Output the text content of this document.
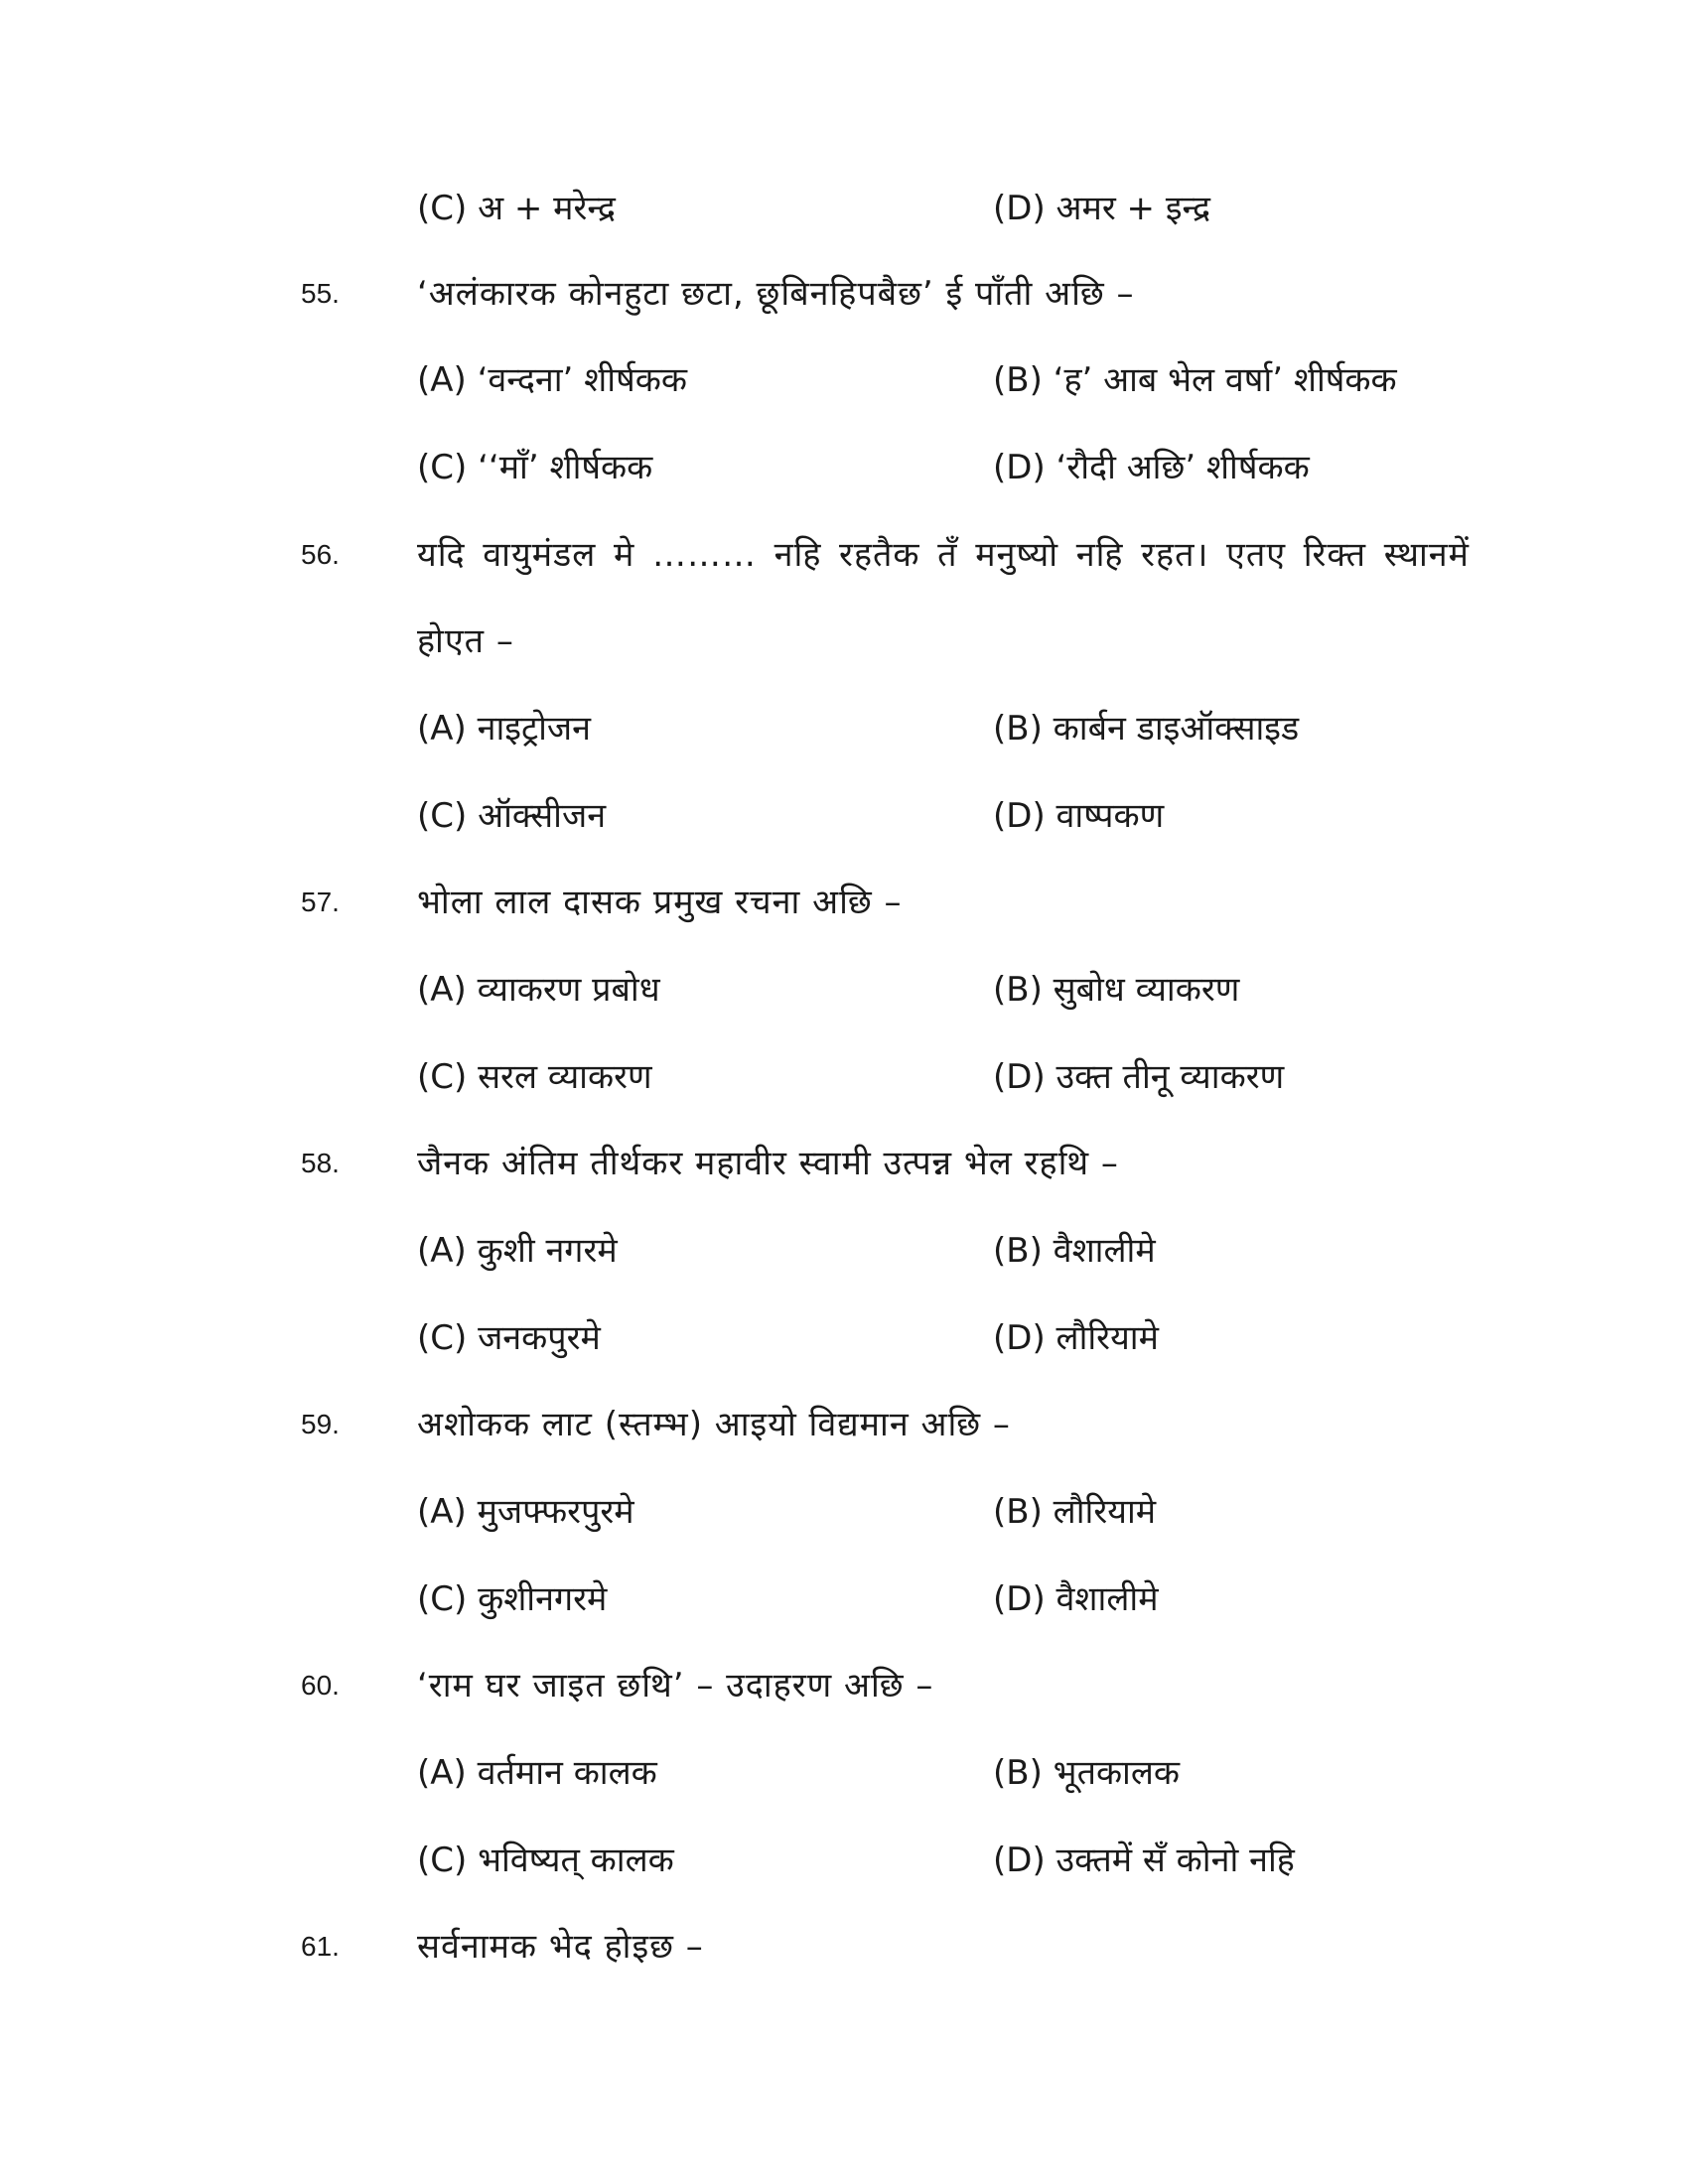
(C) अ + मरेन्द्र	(D) अमर + इन्द्र
55.	‘अलंकारक कोनहुटा छटा, छूबिनहिपबैछ’ ई पाँती अछि –
(A) ‘वन्दना’ शीर्षकक	(B) ‘ह’ आब भेल वर्षा’ शीर्षकक
(C) ‘‘माँ’ शीर्षकक	(D) ‘रौदी अछि’ शीर्षकक
56.	यदि वायुमंडल मे ……… नहि रहतैक तँ मनुष्यो नहि रहत। एतए रिक्त स्थानमें
होएत –
(A) नाइट्रोजन	(B) कार्बन डाइऑक्साइड
(C) ऑक्सीजन	(D) वाष्पकण
57.	भोला लाल दासक प्रमुख रचना अछि –
(A) व्याकरण प्रबोध	(B) सुबोध व्याकरण
(C) सरल व्याकरण	(D) उक्त तीनू व्याकरण
58.	जैनक अंतिम तीर्थकर महावीर स्वामी उत्पन्न भेल रहथि –
(A) कुशी नगरमे	(B) वैशालीमे
(C) जनकपुरमे	(D) लौरियामे
59.	अशोकक लाट (स्तम्भ) आइयो विद्यमान अछि –
(A) मुजफ्फरपुरमे	(B) लौरियामे
(C) कुशीनगरमे	(D) वैशालीमे
60.	‘राम घर जाइत छथि’ – उदाहरण अछि –
(A) वर्तमान कालक	(B) भूतकालक
(C) भविष्यत् कालक	(D) उक्तमें सँ कोनो नहि
61.	सर्वनामक भेद होइछ –
